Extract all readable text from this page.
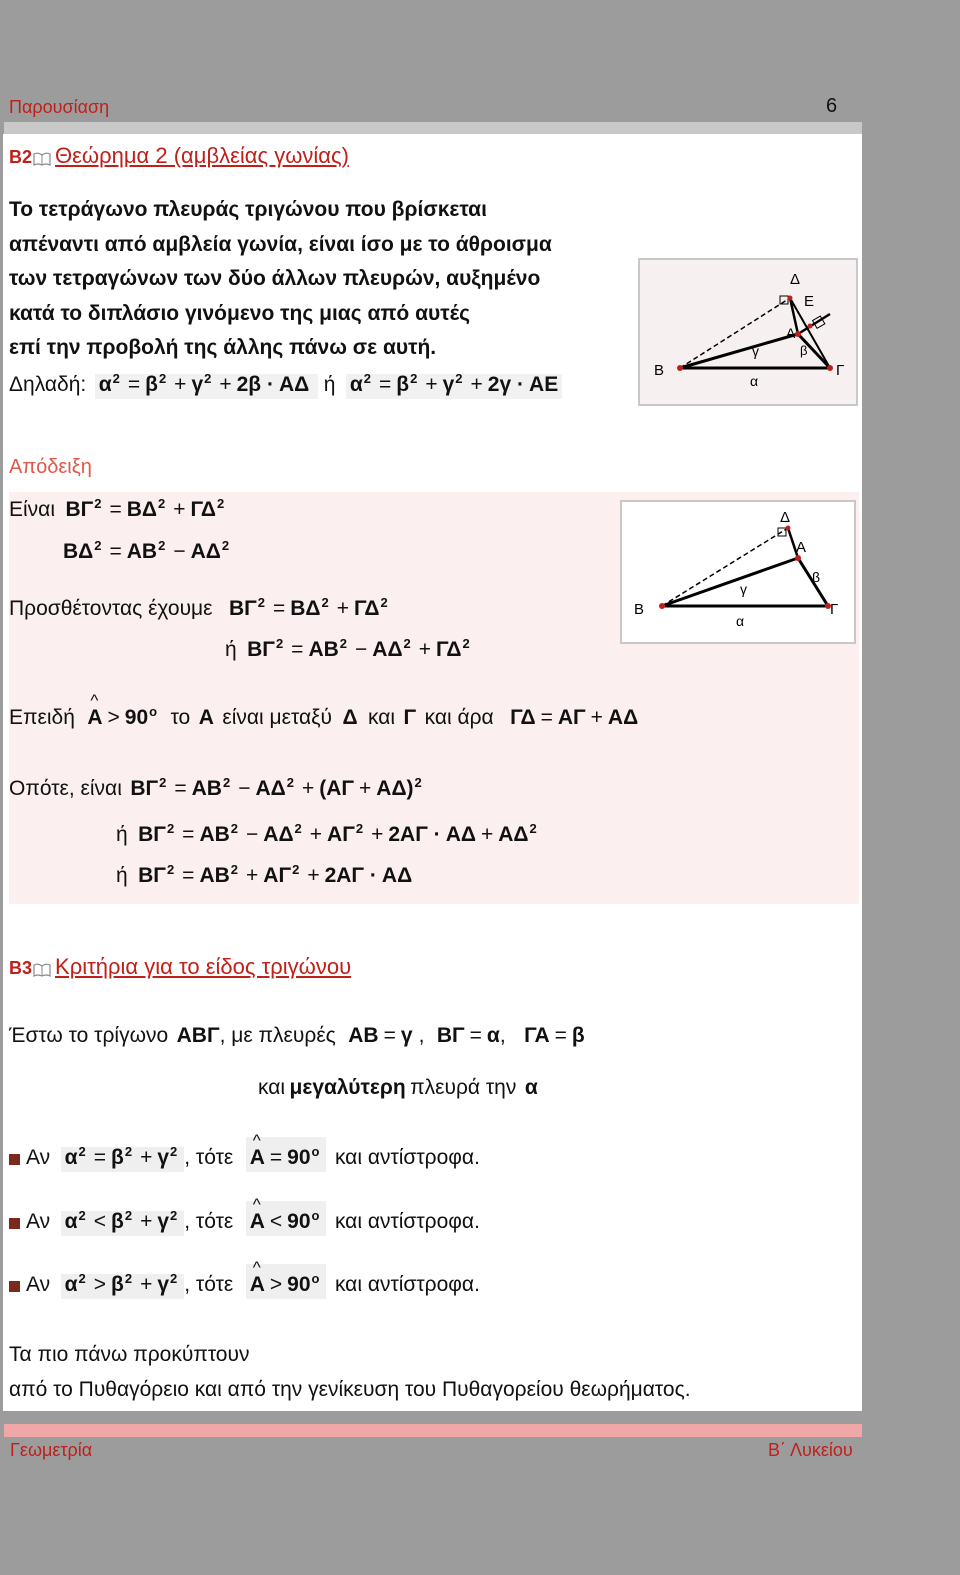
Παρουσίαση	6
Β2 Θεώρημα 2 (αμβλείας γωνίας)
Το τετράγωνο πλευράς τριγώνου που βρίσκεται
απέναντι από αμβλεία γωνία, είναι ίσο με το άθροισμα
των τετραγώνων των δύο άλλων πλευρών, αυξημένο
κατά το διπλάσιο γινόμενο της μιας από αυτές
επί την προβολή της άλλης πάνω σε αυτή.
Δηλαδή: $\alpha^2 = \beta^2 + \gamma^2 + 2\beta \cdot A\Delta$ ή $\alpha^2 = \beta^2 + \gamma^2 + 2\gamma \cdot AE$
Δ
Ε
Α
γ	β
Β
α
Γ
Απόδειξη
Είναι $B\Gamma^2 = B\Delta^2 + \Gamma\Delta^2$
$B\Delta^2 = AB^2 - A\Delta^2$
Προσθέτοντας έχουμε $B\Gamma^2 = B\Delta^2 + \Gamma\Delta^2$
ή $B\Gamma^2 = AB^2 - A\Delta^2 + \Gamma\Delta^2$
Δ
Α
γ
β
Β
α
Γ
Επειδή ^ $A > 90^o$ το Α είναι μεταξύ Δ και Γ και άρα ΓΔ = ΑΓ + ΑΔ
Οπότε, είναι $B\Gamma^2 = AB^2 - A\Delta^2 + (A\Gamma + A\Delta)^2$
ή $B\Gamma^2 = AB^2 - A\Delta^2 + A\Gamma^2 + 2A\Gamma \cdot A\Delta + A\Delta^2$
ή $B\Gamma^2 = AB^2 + A\Gamma^2 + 2A\Gamma \cdot A\Delta$
Β3 Κριτήρια για το είδος τριγώνου
Έστω το τρίγωνο ΑΒΓ, με πλευρές ΑΒ = γ , ΒΓ = α, ΓΑ = β
και μεγαλύτερη πλευρά την α
Αν $\alpha^2 = \beta^2 + \gamma^2$ , τότε ^ $A = 90^o$ και αντίστροφα.
Αν $\alpha^2 < \beta^2 + \gamma^2$ , τότε ^ $A < 90^o$ και αντίστροφα.
Αν $\alpha^2 > \beta^2 + \gamma^2$ , τότε ^ $A > 90^o$ και αντίστροφα.
Τα πιο πάνω προκύπτουν
από το Πυθαγόρειο και από την γενίκευση του Πυθαγορείου θεωρήματος.
Γεωμετρία	Β΄ Λυκείου
